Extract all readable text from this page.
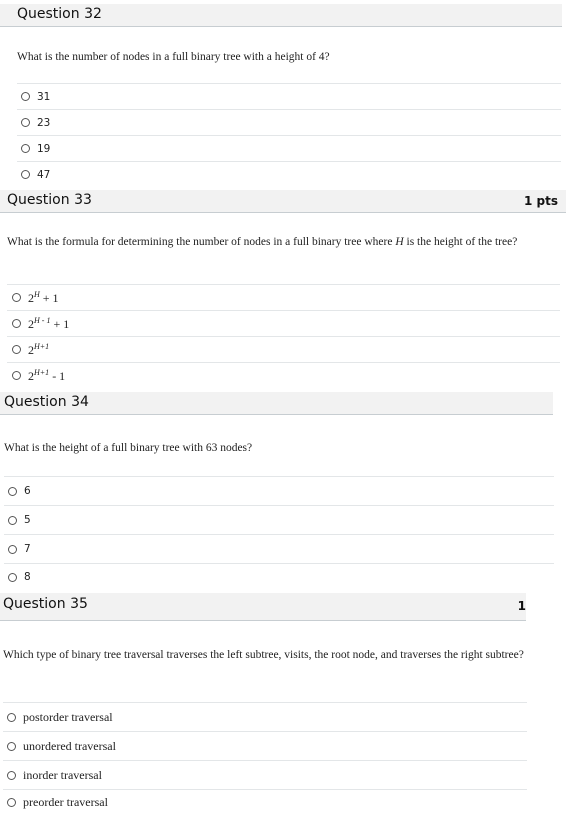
Question 32
What is the number of nodes in a full binary tree with a height of 4?
31
23
19
47
Question 33	1 pts
What is the formula for determining the number of nodes in a full binary tree where H is the height of the tree?
$2^H + 1$
$2^{H - 1} + 1$
$2^{H+1}$
$2^{H+1} - 1$
Question 34
What is the height of a full binary tree with 63 nodes?
6
5
7
8
Question 35	1
Which type of binary tree traversal traverses the left subtree, visits, the root node, and traverses the right subtree?
postorder traversal
unordered traversal
inorder traversal
preorder traversal
